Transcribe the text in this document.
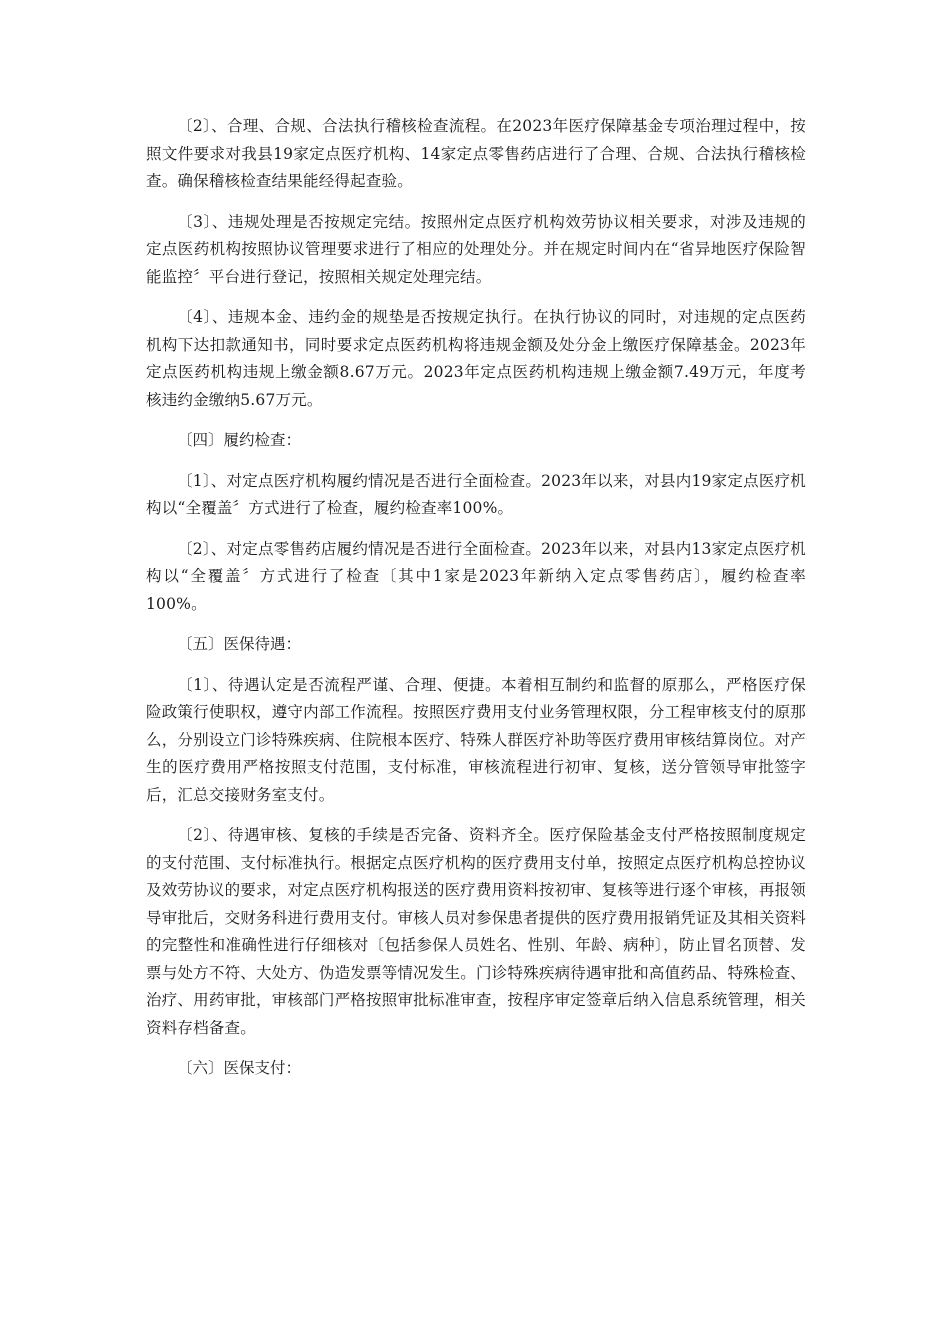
〔2〕、合理、合规、合法执行稽核检查流程。在2023年医疗保障基金专项治理过程中，按照文件要求对我县19家定点医疗机构、14家定点零售药店进行了合理、合规、合法执行稽核检查。确保稽核检查结果能经得起查验。

〔3〕、违规处理是否按规定完结。按照州定点医疗机构效劳协议相关要求，对涉及违规的定点医药机构按照协议管理要求进行了相应的处理处分。并在规定时间内在“省异地医疗保险智能监控〞平台进行登记，按照相关规定处理完结。

〔4〕、违规本金、违约金的规垫是否按规定执行。在执行协议的同时，对违规的定点医药机构下达扣款通知书，同时要求定点医药机构将违规金额及处分金上缴医疗保障基金。2023年定点医药机构违规上缴金额8.67万元。2023年定点医药机构违规上缴金额7.49万元，年度考核违约金缴纳5.67万元。

〔四〕履约检查：

〔1〕、对定点医疗机构履约情况是否进行全面检查。2023年以来，对县内19家定点医疗机构以“全覆盖〞方式进行了检查，履约检查率100%。

〔2〕、对定点零售药店履约情况是否进行全面检查。2023年以来，对县内13家定点医疗机构以“全覆盖〞方式进行了检查〔其中1家是2023年新纳入定点零售药店〕，履约检查率100%。

〔五〕医保待遇：

〔1〕、待遇认定是否流程严谨、合理、便捷。本着相互制约和监督的原那么，严格医疗保险政策行使职权，遵守内部工作流程。按照医疗费用支付业务管理权限，分工程审核支付的原那么，分别设立门诊特殊疾病、住院根本医疗、特殊人群医疗补助等医疗费用审核结算岗位。对产生的医疗费用严格按照支付范围，支付标准，审核流程进行初审、复核，送分管领导审批签字后，汇总交接财务室支付。

〔2〕、待遇审核、复核的手续是否完备、资料齐全。医疗保险基金支付严格按照制度规定的支付范围、支付标准执行。根据定点医疗机构的医疗费用支付单，按照定点医疗机构总控协议及效劳协议的要求，对定点医疗机构报送的医疗费用资料按初审、复核等进行逐个审核，再报领导审批后，交财务科进行费用支付。审核人员对参保患者提供的医疗费用报销凭证及其相关资料的完整性和准确性进行仔细核对〔包括参保人员姓名、性别、年龄、病种〕，防止冒名顶替、发票与处方不符、大处方、伪造发票等情况发生。门诊特殊疾病待遇审批和高值药品、特殊检查、治疗、用药审批，审核部门严格按照审批标准审查，按程序审定签章后纳入信息系统管理，相关资料存档备查。

〔六〕医保支付：
